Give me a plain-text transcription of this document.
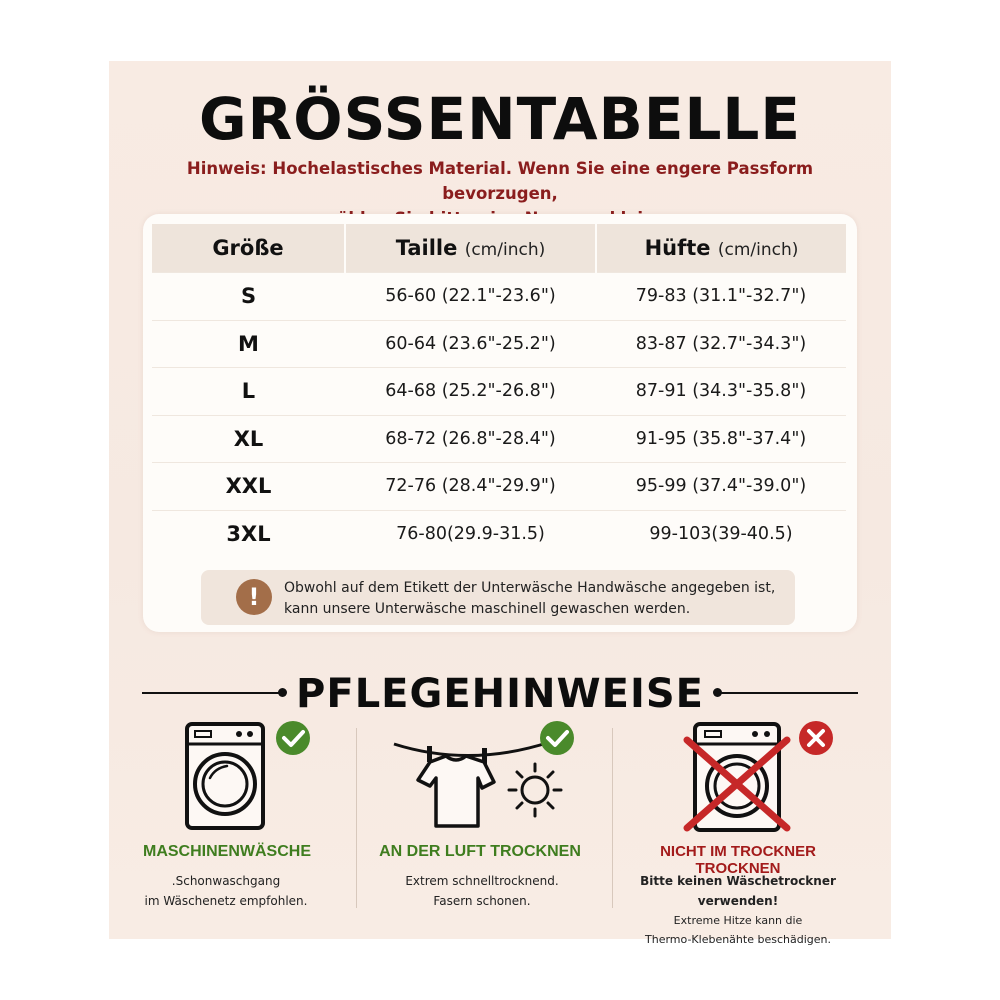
GRÖSSENTABELLE
Hinweis: Hochelastisches Material. Wenn Sie eine engere Passform bevorzugen,
Größe	Taille (cm/inch)	Hüfte (cm/inch)
S	56-60 (22.1"-23.6")	79-83 (31.1"-32.7")
M	60-64 (23.6"-25.2")	83-87 (32.7"-34.3")
L	64-68 (25.2"-26.8")	87-91 (34.3"-35.8")
XL	68-72 (26.8"-28.4")	91-95 (35.8"-37.4")
XXL	72-76 (28.4"-29.9")	95-99 (37.4"-39.0")
3XL	76-80(29.9-31.5)	99-103(39-40.5)
!	Obwohl auf dem Etikett der Unterwäsche Handwäsche angegeben ist,
kann unsere Unterwäsche maschinell gewaschen werden.
PFLEGEHINWEISE
MASCHINENWÄSCHE
.Schonwaschgang
im Wäschenetz empfohlen.
AN DER LUFT TROCKNEN
Extrem schnelltrocknend.
Fasern schonen.
NICHT IM TROCKNER TROCKNEN
Bitte keinen Wäschetrockner verwenden!
Extreme Hitze kann die
Thermo-Klebenähte beschädigen.
